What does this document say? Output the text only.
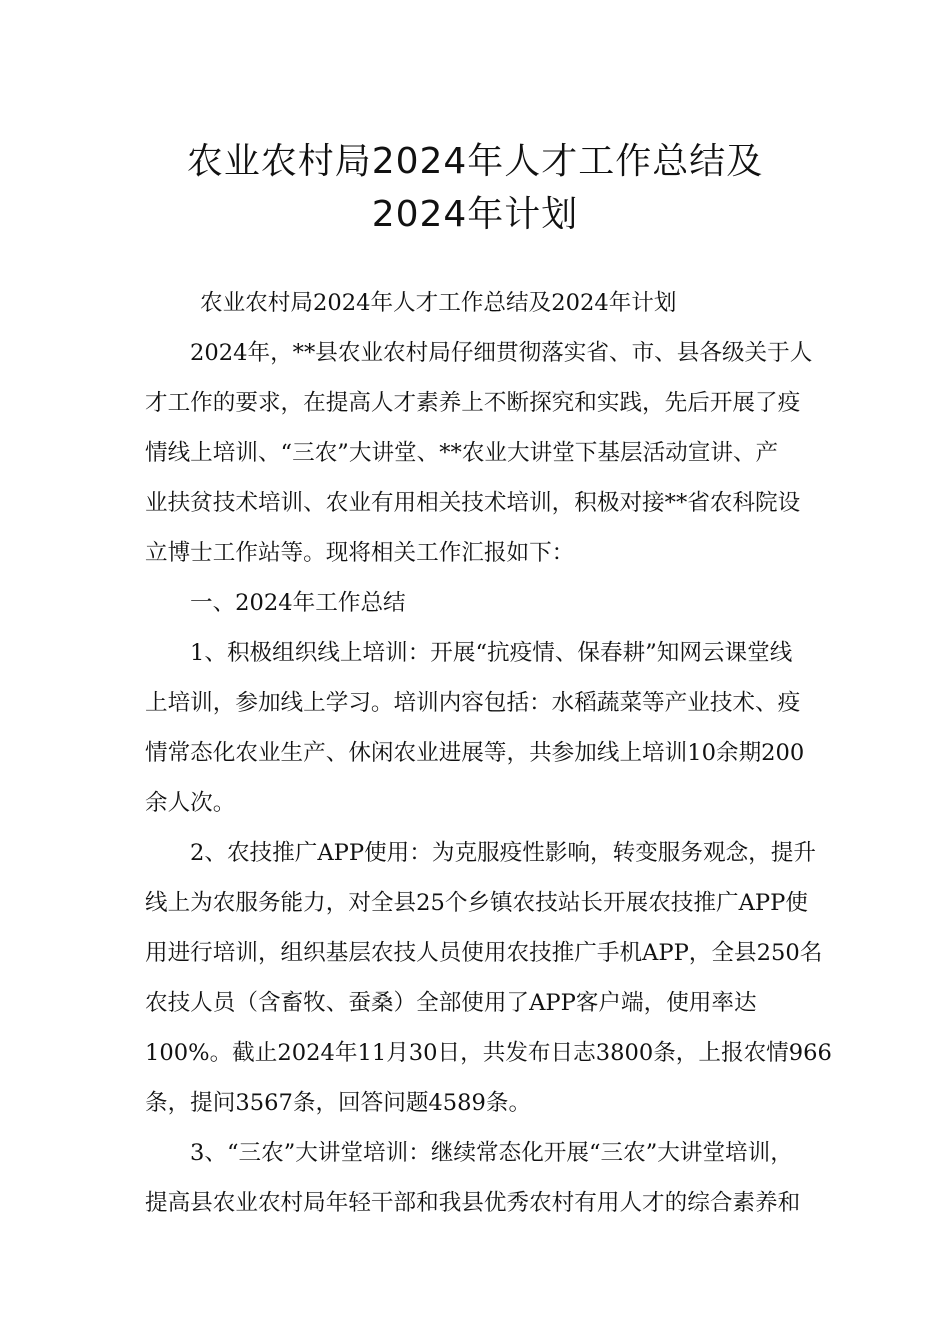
农业农村局2024年人才工作总结及
2024年计划
农业农村局2024年人才工作总结及2024年计划
2024年，**县农业农村局仔细贯彻落实省、市、县各级关于人
才工作的要求，在提高人才素养上不断探究和实践，先后开展了疫
情线上培训、“三农”大讲堂、**农业大讲堂下基层活动宣讲、产
业扶贫技术培训、农业有用相关技术培训，积极对接**省农科院设
立博士工作站等。现将相关工作汇报如下：
一、2024年工作总结
1、积极组织线上培训：开展“抗疫情、保春耕”知网云课堂线
上培训，参加线上学习。培训内容包括：水稻蔬菜等产业技术、疫
情常态化农业生产、休闲农业进展等，共参加线上培训10余期200
余人次。
2、农技推广APP使用：为克服疫性影响，转变服务观念，提升
线上为农服务能力，对全县25个乡镇农技站长开展农技推广APP使
用进行培训，组织基层农技人员使用农技推广手机APP，全县250名
农技人员（含畜牧、蚕桑）全部使用了APP客户端，使用率达
100%。截止2024年11月30日，共发布日志3800条，上报农情966
条，提问3567条，回答问题4589条。
3、“三农”大讲堂培训：继续常态化开展“三农”大讲堂培训，
提高县农业农村局年轻干部和我县优秀农村有用人才的综合素养和
